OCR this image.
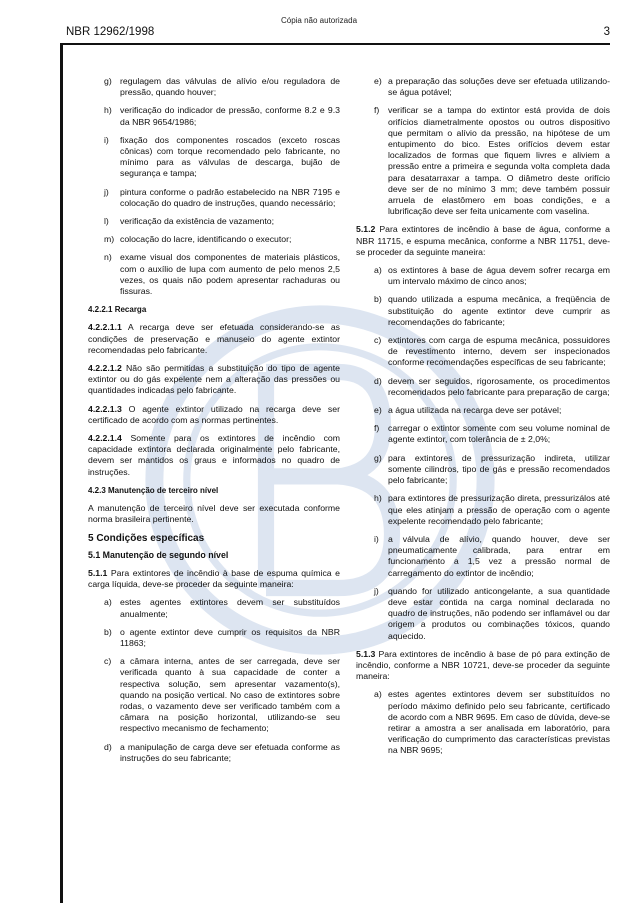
Cópia não autorizada
NBR 12962/1998	3
g) regulagem das válvulas de alívio e/ou reguladora de pressão, quando houver;
h) verificação do indicador de pressão, conforme 8.2 e 9.3 da NBR 9654/1986;
i)	fixação dos componentes roscados (exceto roscas cônicas) com torque recomendado pelo fabricante, no mínimo para as válvulas de descarga, bujão de segurança e tampa;
j)	pintura conforme o padrão estabelecido na NBR 7195 e colocação do quadro de instruções, quando necessário;
l)	verificação da existência de vazamento;
m) colocação do lacre, identificando o executor;
n) exame visual dos componentes de materiais plásticos, com o auxílio de lupa com aumento de pelo menos 2,5 vezes, os quais não podem apresentar rachaduras ou fissuras.
4.2.2.1 Recarga

4.2.2.1.1 A recarga deve ser efetuada considerando-se as condições de preservação e manuseio do agente extintor recomendadas pelo fabricante.

4.2.2.1.2 Não são permitidas a substituição do tipo de agente extintor ou do gás expelente nem a alteração das pressões ou quantidades indicadas pelo fabricante.

4.2.2.1.3 O agente extintor utilizado na recarga deve ser certificado de acordo com as normas pertinentes.

4.2.2.1.4 Somente para os extintores de incêndio com capacidade extintora declarada originalmente pelo fabricante, devem ser mantidos os graus e informados no quadro de instruções.

4.2.3 Manutenção de terceiro nível

A manutenção de terceiro nível deve ser executada conforme norma brasileira pertinente.

5 Condições específicas
5.1 Manutenção de segundo nível

5.1.1 Para extintores de incêndio à base de espuma química e carga líquida, deve-se proceder da seguinte maneira:

a) estes agentes extintores devem ser substituídos anualmente;
b) o agente extintor deve cumprir os requisitos da NBR 11863;
c)	a câmara interna, antes de ser carregada, deve ser verificada quanto à sua capacidade de conter a respectiva solução, sem apresentar vazamento(s), quando na posição vertical. No caso de extintores sobre rodas, o vazamento deve ser verificado também com a câmara na posição horizontal, utilizando-se seu respectivo mecanismo de fechamento;
d) a manipulação de carga deve ser efetuada conforme as instruções do seu fabricante;
e) a preparação das soluções deve ser efetuada utilizando-se água potável;
f) verificar se a tampa do extintor está provida de dois orifícios diametralmente opostos ou outros dispositivo que permitam o alívio da pressão, na hipótese de um entupimento do bico. Estes orifícios devem estar localizados de formas que fiquem livres e aliviem a pressão entre a primeira e segunda volta completa dada para desatarraxar a tampa. O diâmetro deste orifício deve ser de no mínimo 3 mm; deve também possuir arruela de elastômero em boas condições, e a lubrificação deve ser feita unicamente com vaselina.

5.1.2 Para extintores de incêndio à base de água, conforme a NBR 11715, e espuma mecânica, conforme a NBR 11751, deve-se proceder da seguinte maneira:

a) os extintores à base de água devem sofrer recarga em um intervalo máximo de cinco anos;
b) quando utilizada a espuma mecânica, a freqüência de substituição do agente extintor deve cumprir as recomendações do fabricante;
c) extintores com carga de espuma mecânica, possuidores de revestimento interno, devem ser inspecionados conforme recomendações específicas de seu fabricante;
d) devem ser seguidos, rigorosamente, os procedimentos recomendados pelo fabricante para preparação de carga;
e) a água utilizada na recarga deve ser potável;
f) carregar o extintor somente com seu volume nominal de agente extintor, com tolerância de ± 2,0%;
g) para extintores de pressurização indireta, utilizar somente cilindros, tipo de gás e pressão recomendados pelo fabricante;
h) para extintores de pressurização direta, pressurizálos até que eles atinjam a pressão de operação com o agente expelente recomendado pelo fabricante;
i)	a válvula de alívio, quando houver, deve ser pneumaticamente calibrada, para entrar em funcionamento a 1,5 vez a pressão normal de carregamento do extintor de incêndio;
j)	quando for utilizado anticongelante, a sua quantidade deve estar contida na carga nominal declarada no quadro de instruções, não podendo ser inflamável ou dar origem a produtos ou combinações tóxicos, quando aquecido.

5.1.3 Para extintores de incêndio à base de pó para extinção de incêndio, conforme a NBR 10721, deve-se proceder da seguinte maneira:

a) estes agentes extintores devem ser substituídos no período máximo definido pelo seu fabricante, certificado de acordo com a NBR 9695. Em caso de dúvida, deve-se retirar a amostra a ser analisada em laboratório, para verificação do cumprimento das características previstas na NBR 9695;
